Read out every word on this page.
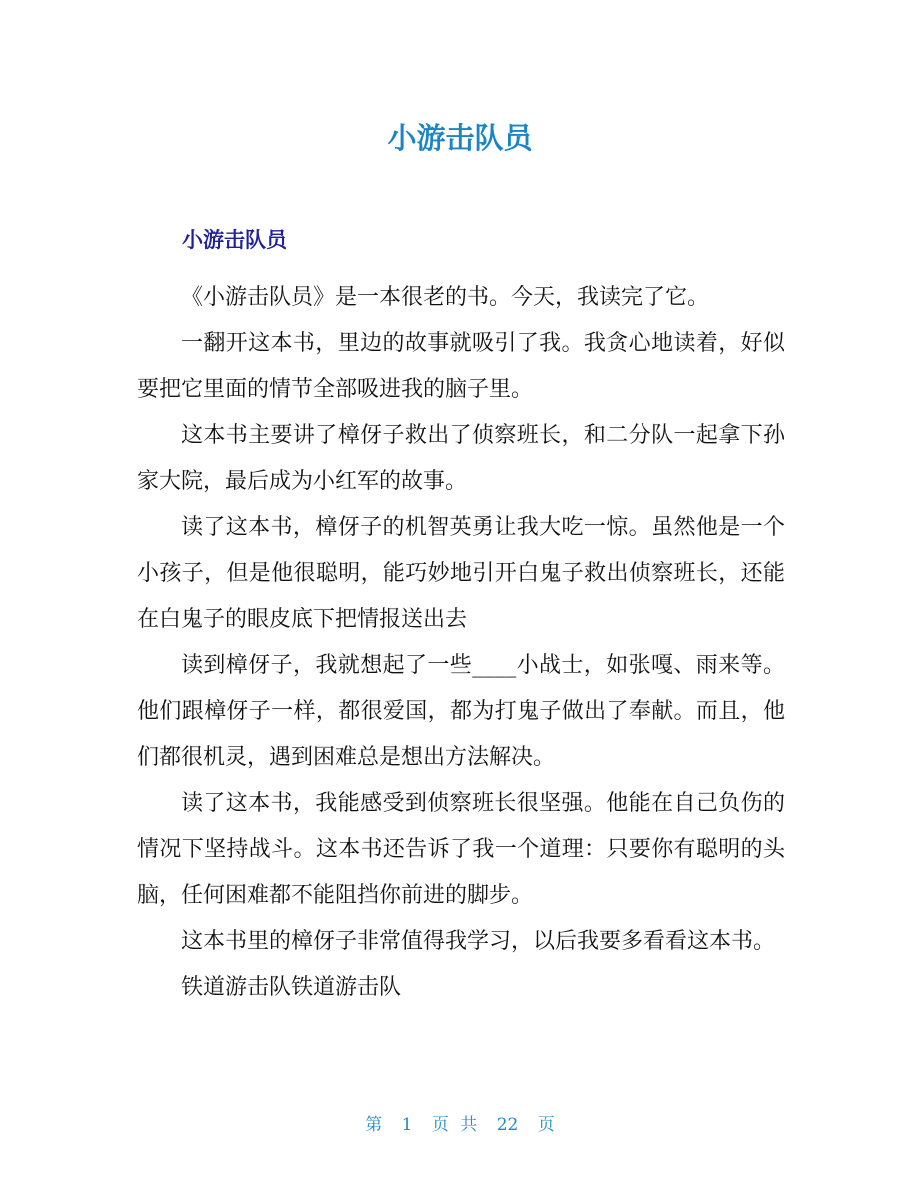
小游击队员
小游击队员

《小游击队员》是一本很老的书。今天，我读完了它。

一翻开这本书，里边的故事就吸引了我。我贪心地读着，好似要把它里面的情节全部吸进我的脑子里。

这本书主要讲了樟伢子救出了侦察班长，和二分队一起拿下孙家大院，最后成为小红军的故事。

读了这本书，樟伢子的机智英勇让我大吃一惊。虽然他是一个小孩子，但是他很聪明，能巧妙地引开白鬼子救出侦察班长，还能在白鬼子的眼皮底下把情报送出去

读到樟伢子，我就想起了一些____小战士，如张嘎、雨来等。他们跟樟伢子一样，都很爱国，都为打鬼子做出了奉献。而且，他们都很机灵，遇到困难总是想出方法解决。

读了这本书，我能感受到侦察班长很坚强。他能在自己负伤的情况下坚持战斗。这本书还告诉了我一个道理：只要你有聪明的头脑，任何困难都不能阻挡你前进的脚步。

这本书里的樟伢子非常值得我学习，以后我要多看看这本书。

铁道游击队铁道游击队

第 1 页 共 22 页
